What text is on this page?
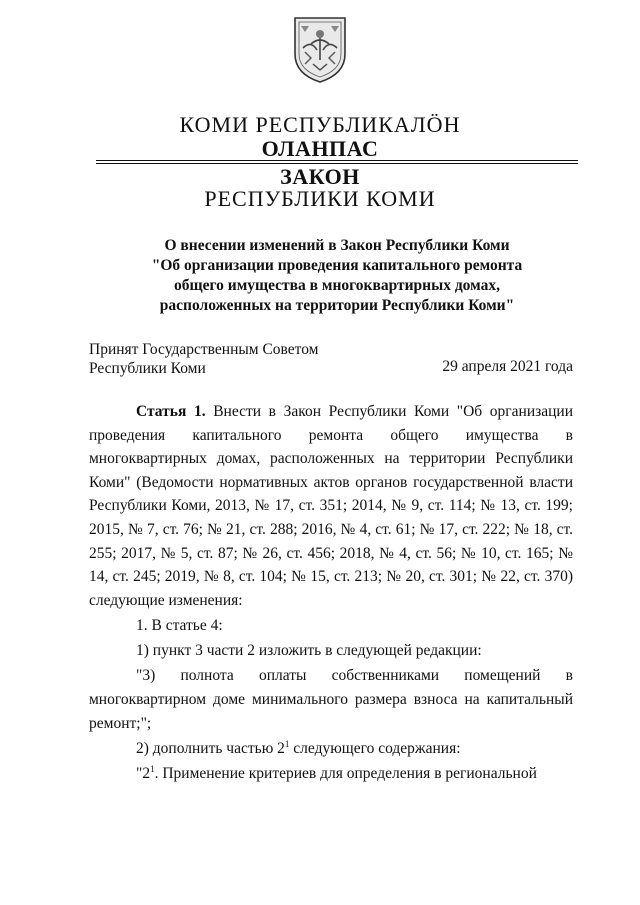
КОМИ РЕСПУБЛИКАЛӦН
ОЛАНПАС
ЗАКОН
РЕСПУБЛИКИ КОМИ
О внесении изменений в Закон Республики Коми
"Об организации проведения капитального ремонта
общего имущества в многоквартирных домах,
расположенных на территории Республики Коми"
Принят Государственным Советом
Республики Коми	29 апреля 2021 года

Статья 1. Внести в Закон Республики Коми "Об организации проведения капитального ремонта общего имущества в многоквартирных домах, расположенных на территории Республики Коми" (Ведомости нормативных актов органов государственной власти Республики Коми, 2013, № 17, ст. 351; 2014, № 9, ст. 114; № 13, ст. 199; 2015, № 7, ст. 76; № 21, ст. 288; 2016, № 4, ст. 61; № 17, ст. 222; № 18, ст. 255; 2017, № 5, ст. 87; № 26, ст. 456; 2018, № 4, ст. 56; № 10, ст. 165; № 14, ст. 245; 2019, № 8, ст. 104; № 15, ст. 213; № 20, ст. 301; № 22, ст. 370) следующие изменения:

1. В статье 4:

1) пункт 3 части 2 изложить в следующей редакции:

"3) полнота оплаты собственниками помещений в многоквартирном доме минимального размера взноса на капитальный ремонт;";

2) дополнить частью $2^1$ следующего содержания:

"$2^1$. Применение критериев для определения в региональной
